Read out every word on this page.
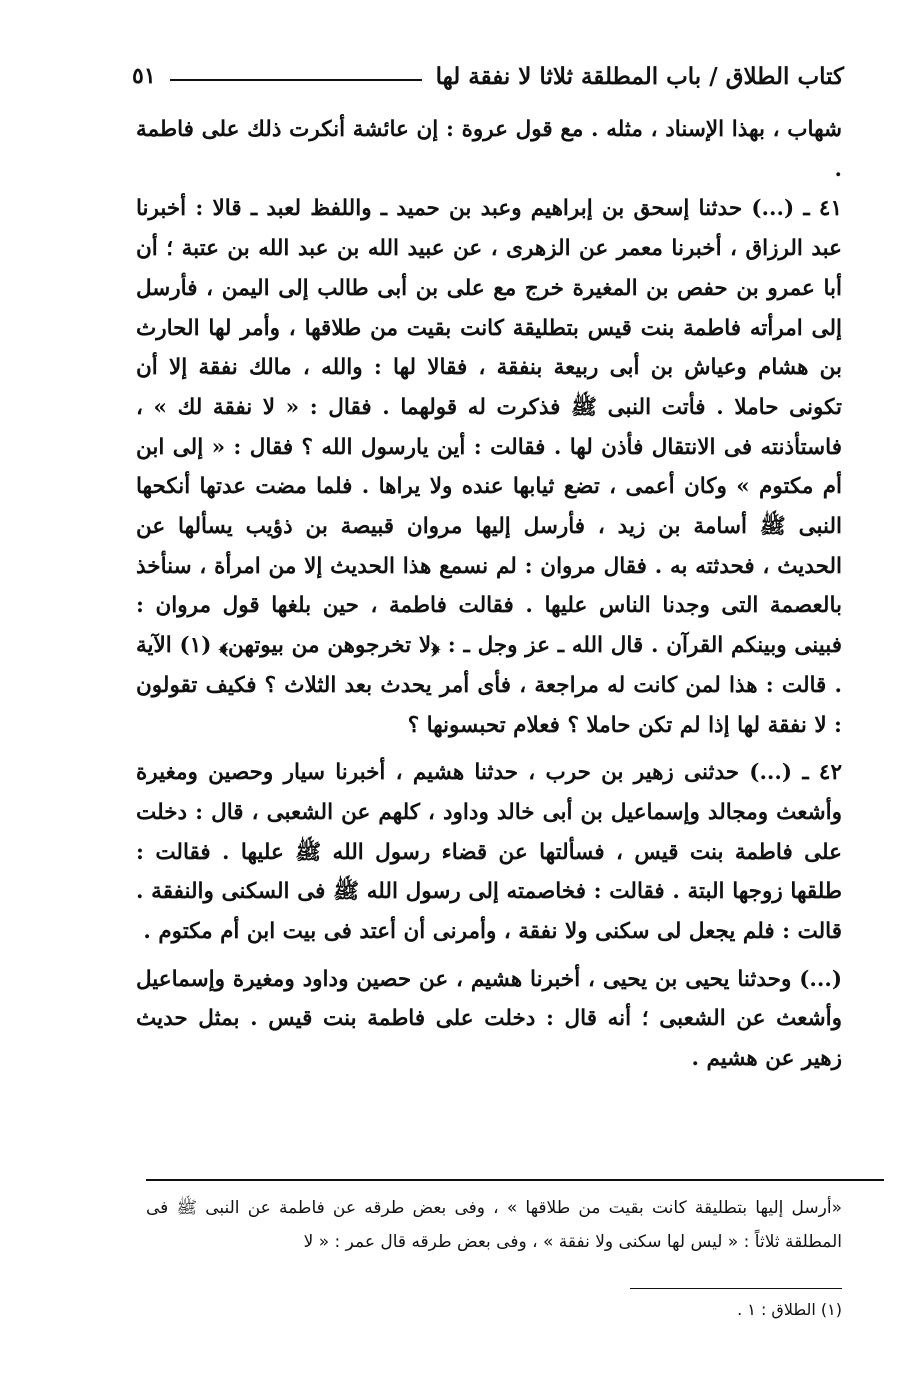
كتاب الطلاق / باب المطلقة ثلاثا لا نفقة لها
٥١

شهاب ، بهذا الإسناد ، مثله . مع قول عروة : إن عائشة أنكرت ذلك على فاطمة .

٤١ ـ (...) حدثنا إسحق بن إبراهيم وعبد بن حميد ـ واللفظ لعبد ـ قالا : أخبرنا عبد الرزاق ، أخبرنا معمر عن الزهرى ، عن عبيد الله بن عبد الله بن عتبة ؛ أن أبا عمرو بن حفص بن المغيرة خرج مع على بن أبى طالب إلى اليمن ، فأرسل إلى امرأته فاطمة بنت قيس بتطليقة كانت بقيت من طلاقها ، وأمر لها الحارث بن هشام وعياش بن أبى ربيعة بنفقة ، فقالا لها : والله ، مالك نفقة إلا أن تكونى حاملا . فأتت النبى ﷺ فذكرت له قولهما . فقال : « لا نفقة لك » ، فاستأذنته فى الانتقال فأذن لها . فقالت : أين يارسول الله ؟ فقال : « إلى ابن أم مكتوم » وكان أعمى ، تضع ثيابها عنده ولا يراها . فلما مضت عدتها أنكحها النبى ﷺ أسامة بن زيد ، فأرسل إليها مروان قبيصة بن ذؤيب يسألها عن الحديث ، فحدثته به . فقال مروان : لم نسمع هذا الحديث إلا من امرأة ، سنأخذ بالعصمة التى وجدنا الناس عليها . فقالت فاطمة ، حين بلغها قول مروان : فبينى وبينكم القرآن . قال الله ـ عز وجل ـ : ﴿لا تخرجوهن من بيوتهن﴾ (١) الآية . قالت : هذا لمن كانت له مراجعة ، فأى أمر يحدث بعد الثلاث ؟ فكيف تقولون : لا نفقة لها إذا لم تكن حاملا ؟ فعلام تحبسونها ؟

٤٢ ـ (...) حدثنى زهير بن حرب ، حدثنا هشيم ، أخبرنا سيار وحصين ومغيرة وأشعث ومجالد وإسماعيل بن أبى خالد وداود ، كلهم عن الشعبى ، قال : دخلت على فاطمة بنت قيس ، فسألتها عن قضاء رسول الله ﷺ عليها . فقالت : طلقها زوجها البتة . فقالت : فخاصمته إلى رسول الله ﷺ فى السكنى والنفقة . قالت : فلم يجعل لى سكنى ولا نفقة ، وأمرنى أن أعتد فى بيت ابن أم مكتوم .

(...) وحدثنا يحيى بن يحيى ، أخبرنا هشيم ، عن حصين وداود ومغيرة وإسماعيل وأشعث عن الشعبى ؛ أنه قال : دخلت على فاطمة بنت قيس . بمثل حديث زهير عن هشيم .

«أرسل إليها بتطليقة كانت بقيت من طلاقها » ، وفى بعض طرقه عن فاطمة عن النبى ﷺ فى المطلقة ثلاثاً : « ليس لها سكنى ولا نفقة » ، وفى بعض طرقه قال عمر : « لا
(١) الطلاق : ١ .
